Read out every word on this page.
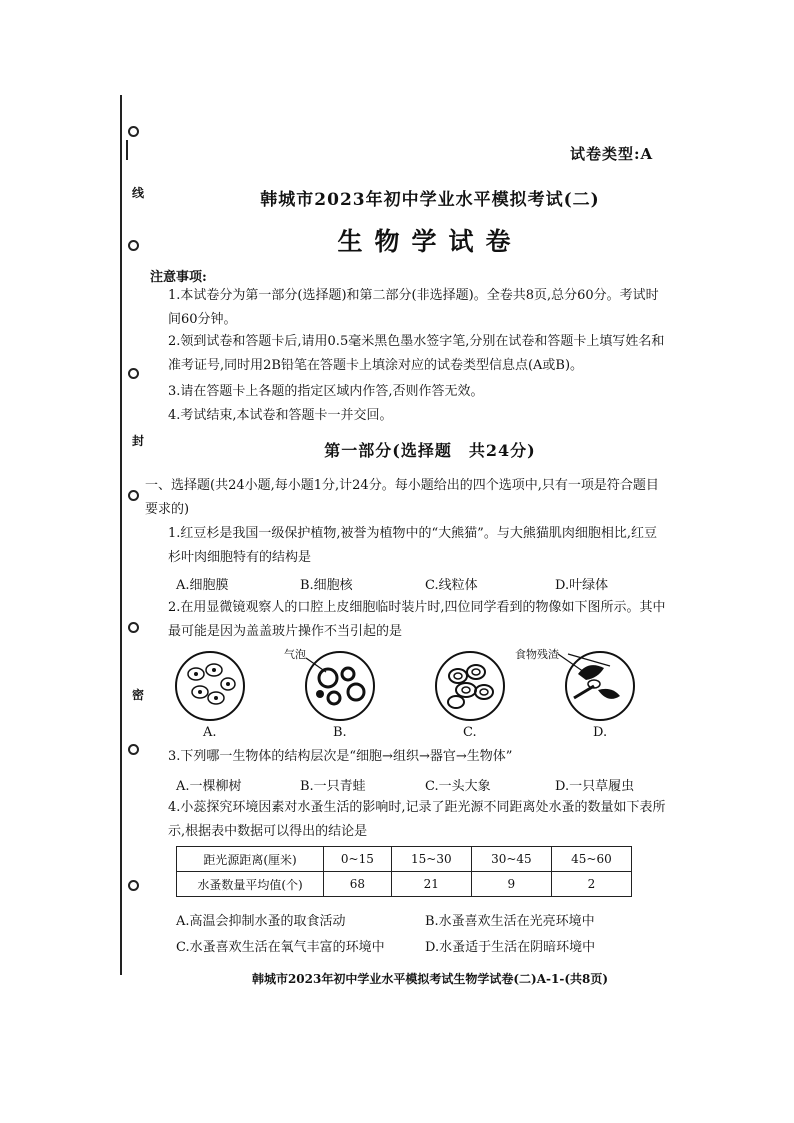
线
封
密
试卷类型:A
韩城市2023年初中学业水平模拟考试(二)
生物学试卷
注意事项:
1.本试卷分为第一部分(选择题)和第二部分(非选择题)。全卷共8页,总分60分。考试时间60分钟。
2.领到试卷和答题卡后,请用0.5毫米黑色墨水签字笔,分别在试卷和答题卡上填写姓名和准考证号,同时用2B铅笔在答题卡上填涂对应的试卷类型信息点(A或B)。
3.请在答题卡上各题的指定区域内作答,否则作答无效。
4.考试结束,本试卷和答题卡一并交回。
第一部分(选择题　共24分)
一、选择题(共24小题,每小题1分,计24分。每小题给出的四个选项中,只有一项是符合题目要求的)
1.红豆杉是我国一级保护植物,被誉为植物中的“大熊猫”。与大熊猫肌肉细胞相比,红豆杉叶肉细胞特有的结构是
A.细胞膜	B.细胞核	C.线粒体	D.叶绿体
2.在用显微镜观察人的口腔上皮细胞临时装片时,四位同学看到的物像如下图所示。其中最可能是因为盖盖玻片操作不当引起的是
气泡	食物残渣
A.	B.	C.	D.
3.下列哪一生物体的结构层次是“细胞→组织→器官→生物体”
A.一棵柳树	B.一只青蛙	C.一头大象	D.一只草履虫
4.小蕊探究环境因素对水蚤生活的影响时,记录了距光源不同距离处水蚤的数量如下表所示,根据表中数据可以得出的结论是
距光源距离(厘米)	0~15	15~30	30~45	45~60
水蚤数量平均值(个)	68	21	9	2
A.高温会抑制水蚤的取食活动	B.水蚤喜欢生活在光亮环境中
C.水蚤喜欢生活在氧气丰富的环境中	D.水蚤适于生活在阴暗环境中
韩城市2023年初中学业水平模拟考试生物学试卷(二)A-1-(共8页)
